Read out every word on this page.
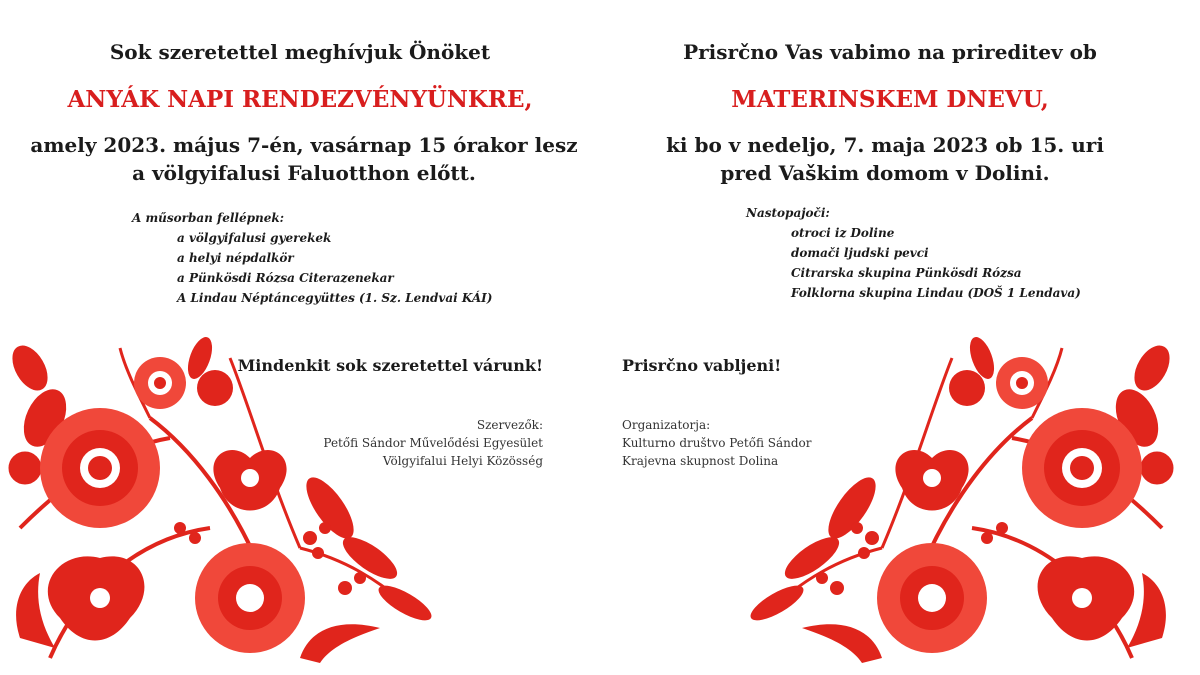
Sok szeretettel meghívjuk Önöket
ANYÁK NAPI RENDEZVÉNYÜNKRE,
amely 2023. május 7-én, vasárnap 15 órakor lesz
a völgyifalusi Faluotthon előtt.
A műsorban fellépnek:
a völgyifalusi gyerekek
a helyi népdalkör
a Pünkösdi Rózsa Citerazenekar
A Lindau Néptáncegyüttes (1. Sz. Lendvai KÁI)
Mindenkit sok szeretettel várunk!
Szervezők:
Petőfi Sándor Művelődési Egyesület
Völgyifalui Helyi Közösség
Prisrčno Vas vabimo na prireditev ob
MATERINSKEM DNEVU,
ki bo v nedeljo, 7. maja 2023 ob 15. uri
pred Vaškim domom v Dolini.
Nastopajoči:
otroci iz Doline
domači ljudski pevci
Citrarska skupina Pünkösdi Rózsa
Folklorna skupina Lindau (DOŠ 1 Lendava)
Prisrčno vabljeni!
Organizatorja:
Kulturno društvo Petőfi Sándor
Krajevna skupnost Dolina
